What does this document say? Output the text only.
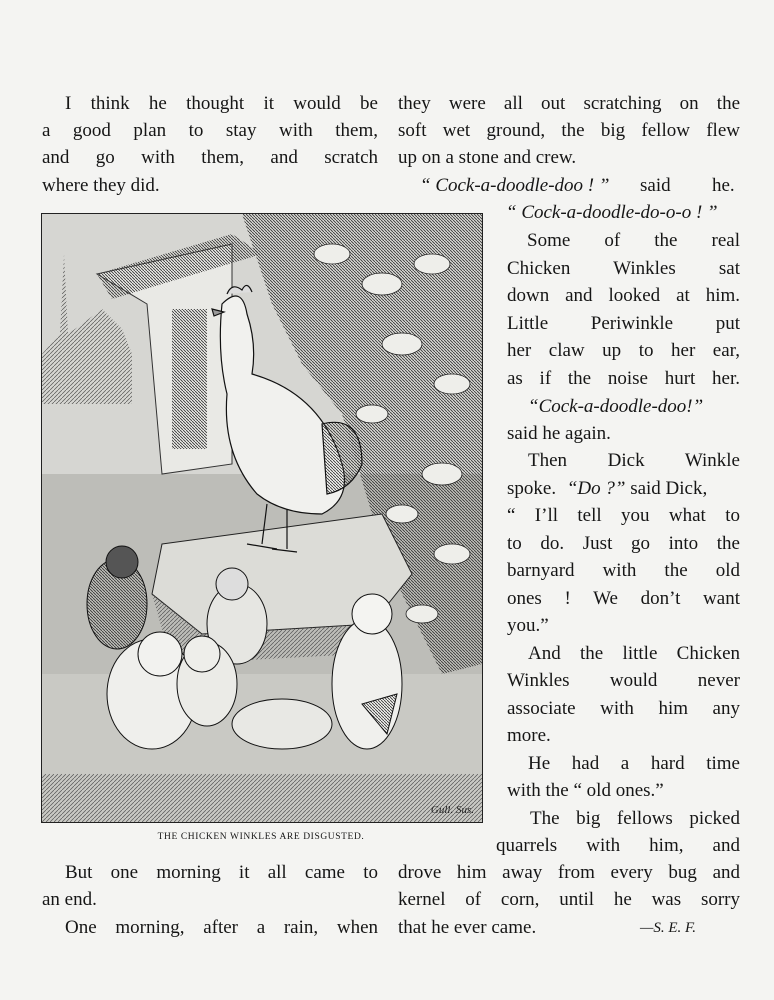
I think he thought it would be
a good plan to stay with them,
and go with them, and scratch
where they did.
they were all out scratching on the
soft wet ground, the big fellow flew
up on a stone and crew.
“ Cock-a-doodle-doo ! ” said he.
“ Cock-a-doodle-do-o-o ! ”
Some of the real
Chicken Winkles sat
down and looked at him.
Little Periwinkle put
her claw up to her ear,
as if the noise hurt her.
“Cock-a-doodle-doo!”
said he again.
Then Dick Winkle
spoke. “Do ?” said Dick,
“ I’ll tell you what to
to do. Just go into the
barnyard with the old
ones ! We don’t want
you.”
And the little Chicken
Winkles would never
associate with him any
more.
He had a hard time
with the “ old ones.”
The big fellows picked
quarrels with him, and
Gull. Sus.
THE CHICKEN WINKLES ARE DISGUSTED.
But one morning it all came to
an end.
One morning, after a rain, when
drove him away from every bug and
kernel of corn, until he was sorry
that he ever came.	—S. E. F.
